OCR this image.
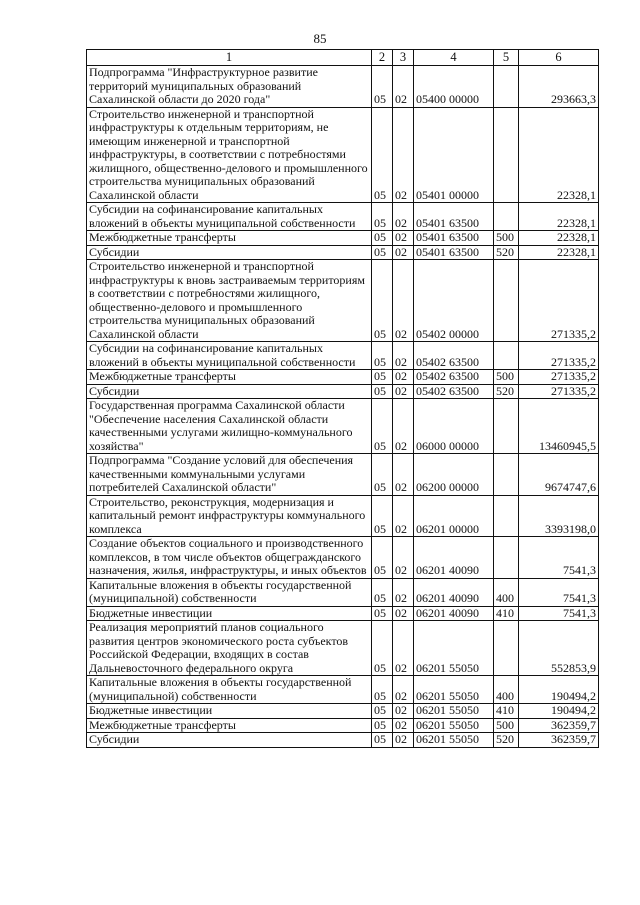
85
1	2	3	4	5	6
Подпрограмма "Инфраструктурное развитие территорий муниципальных образований Сахалинской области до 2020 года"	05	02	05400 00000		293663,3
Строительство инженерной и транспортной инфраструктуры к отдельным территориям, не имеющим инженерной и транспортной инфраструктуры, в соответствии с потребностями жилищного, общественно-делового и промышленного строительства муниципальных образований Сахалинской области	05	02	05401 00000		22328,1
Субсидии на софинансирование капитальных вложений в объекты муниципальной собственности	05	02	05401 63500		22328,1
Межбюджетные трансферты	05	02	05401 63500	500	22328,1
Субсидии	05	02	05401 63500	520	22328,1
Строительство инженерной и транспортной инфраструктуры к вновь застраиваемым территориям в соответствии с потребностями жилищного, общественно-делового и промышленного строительства муниципальных образований Сахалинской области	05	02	05402 00000		271335,2
Субсидии на софинансирование капитальных вложений в объекты муниципальной собственности	05	02	05402 63500		271335,2
Межбюджетные трансферты	05	02	05402 63500	500	271335,2
Субсидии	05	02	05402 63500	520	271335,2
Государственная программа Сахалинской области "Обеспечение населения Сахалинской области качественными услугами жилищно-коммунального хозяйства"	05	02	06000 00000		13460945,5
Подпрограмма "Создание условий для обеспечения качественными коммунальными услугами потребителей Сахалинской области"	05	02	06200 00000		9674747,6
Строительство, реконструкция, модернизация и капитальный ремонт инфраструктуры коммунального комплекса	05	02	06201 00000		3393198,0
Создание объектов социального и производственного комплексов, в том числе объектов общегражданского назначения, жилья, инфраструктуры, и иных объектов	05	02	06201 40090		7541,3
Капитальные вложения в объекты государственной (муниципальной) собственности	05	02	06201 40090	400	7541,3
Бюджетные инвестиции	05	02	06201 40090	410	7541,3
Реализация мероприятий планов социального развития центров экономического роста субъектов Российской Федерации, входящих в состав Дальневосточного федерального округа	05	02	06201 55050		552853,9
Капитальные вложения в объекты государственной (муниципальной) собственности	05	02	06201 55050	400	190494,2
Бюджетные инвестиции	05	02	06201 55050	410	190494,2
Межбюджетные трансферты	05	02	06201 55050	500	362359,7
Субсидии	05	02	06201 55050	520	362359,7
